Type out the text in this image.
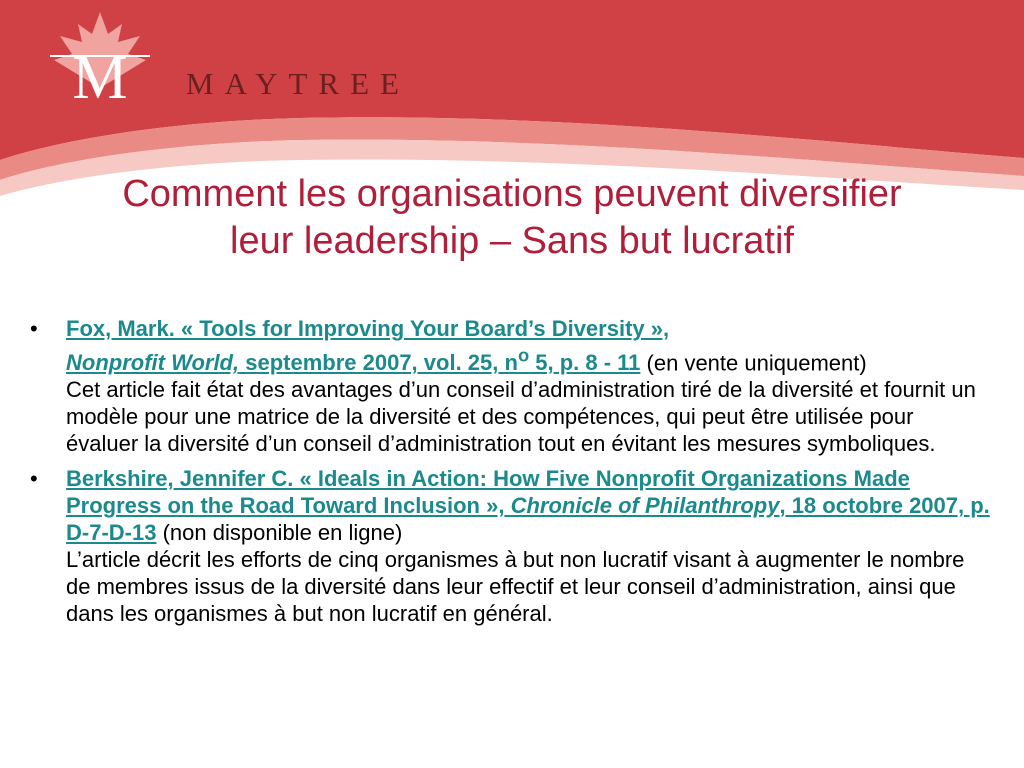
M MAYTREE
Comment les organisations peuvent diversifier
leur leadership – Sans but lucratif
•	Fox, Mark. « Tools for Improving Your Board’s Diversity »,
Nonprofit World, septembre 2007, vol. 25, $n^o$ 5, p. 8 - 11 (en vente uniquement)
Cet article fait état des avantages d’un conseil d’administration tiré de la diversité et fournit un modèle pour une matrice de la diversité et des compétences, qui peut être utilisée pour évaluer la diversité d’un conseil d’administration tout en évitant les mesures symboliques.
•	Berkshire, Jennifer C. « Ideals in Action: How Five Nonprofit Organizations Made Progress on the Road Toward Inclusion », Chronicle of Philanthropy, 18 octobre 2007, p. D-7-D-13 (non disponible en ligne)
L’article décrit les efforts de cinq organismes à but non lucratif visant à augmenter le nombre de membres issus de la diversité dans leur effectif et leur conseil d’administration, ainsi que dans les organismes à but non lucratif en général.
